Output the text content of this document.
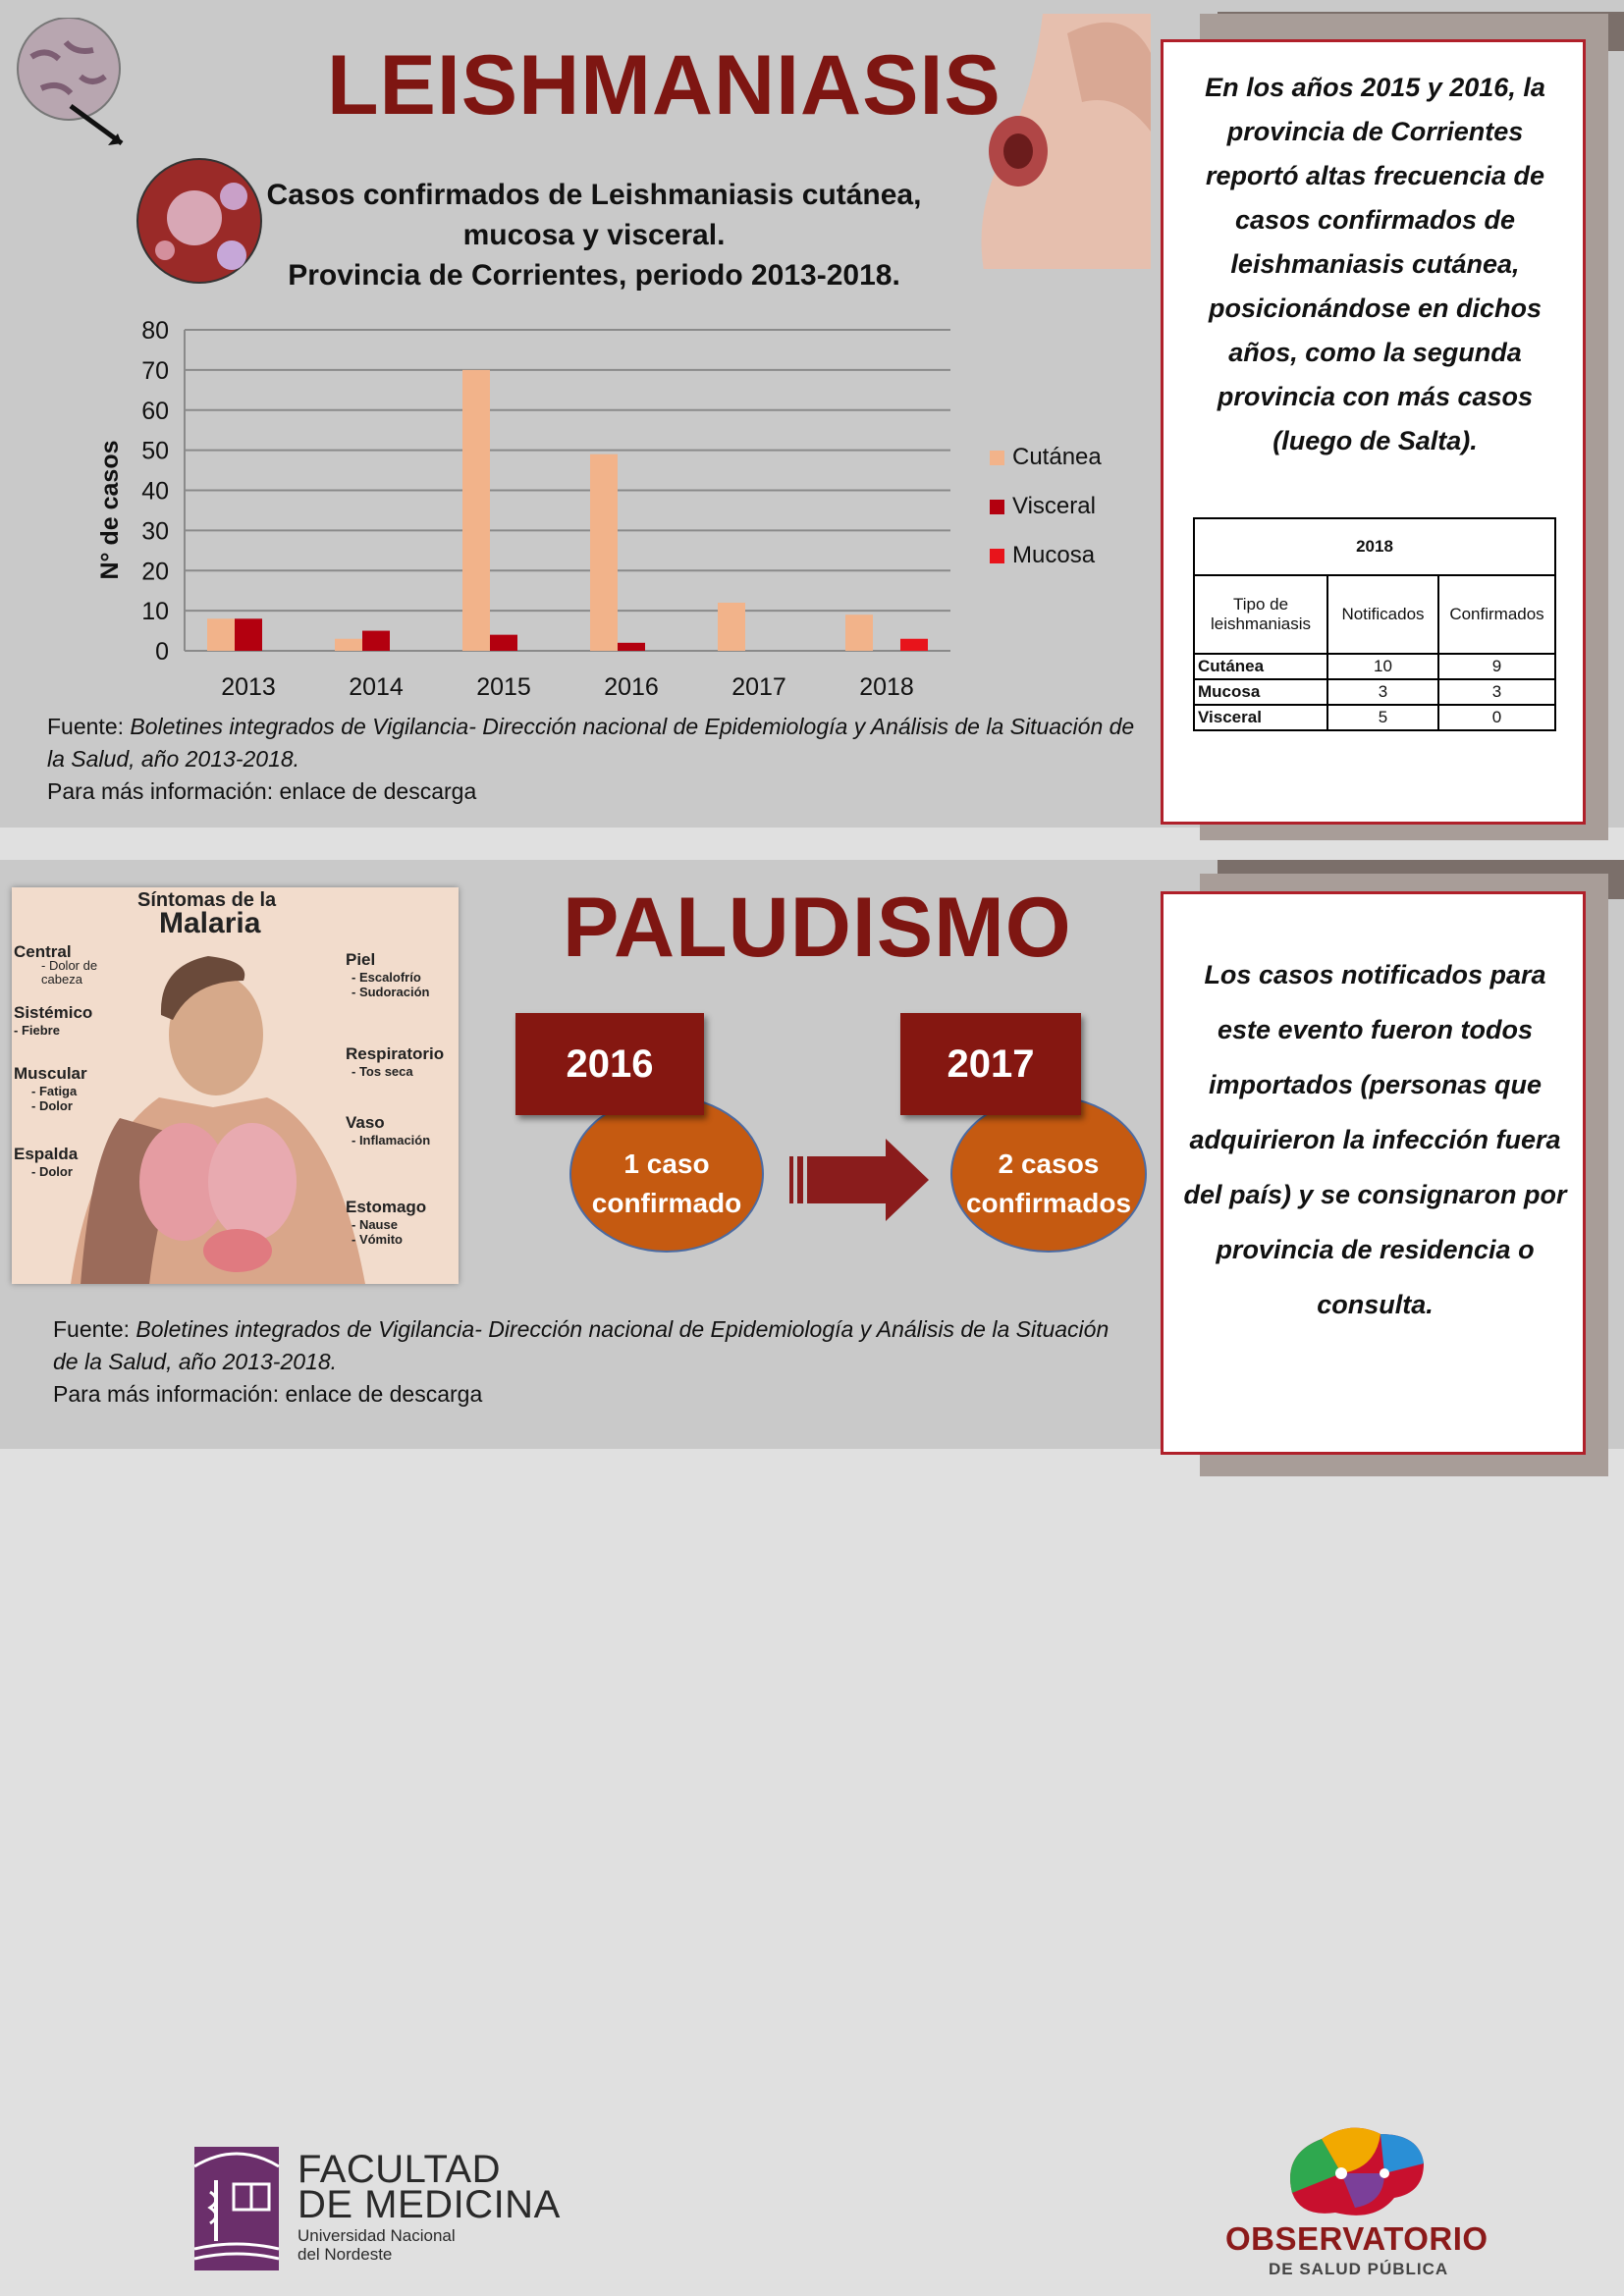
LEISHMANIASIS
Casos confirmados de Leishmaniasis cutánea,
mucosa y visceral.
Provincia de Corrientes, periodo 2013-2018.
0
10
20
30
40
50
60
70
80
N° de casos
2013	2014	2015	2016	2017	2018
Cutánea
Visceral
Mucosa
Fuente: Boletines integrados de Vigilancia- Dirección nacional de Epidemiología y Análisis de la Situación de
la Salud, año 2013-2018.
Para más información: enlace de descarga
En los años 2015 y 2016, la provincia de Corrientes reportó altas frecuencia de casos confirmados de leishmaniasis cutánea, posicionándose en dichos años, como la segunda provincia con más casos (luego de Salta).
2018		
Tipo de leishmaniasis	Notificados	Confirmados
Cutánea	10	9
Mucosa	3	3
Visceral	5	0
Síntomas de la
Malaria
Central
- Dolor de cabeza
Sistémico
- Fiebre
Muscular
- Fatiga
- Dolor
Espalda
- Dolor
Piel
- Escalofrío
- Sudoración
Respiratorio
- Tos seca
Vaso
- Inflamación
Estomago
- Nause
- Vómito
PALUDISMO
1 caso
confirmado
2016
2 casos
confirmados
2017
Fuente: Boletines integrados de Vigilancia- Dirección nacional de Epidemiología y Análisis de la Situación
de la Salud, año 2013-2018.
Para más información: enlace de descarga
Los casos notificados para este evento fueron todos importados (personas que adquirieron la infección fuera del país) y se consignaron por provincia de residencia o consulta.
FACULTAD
DE MEDICINA
Universidad Nacional
del Nordeste	OBSERVATORIO
DE SALUD PÚBLICA
